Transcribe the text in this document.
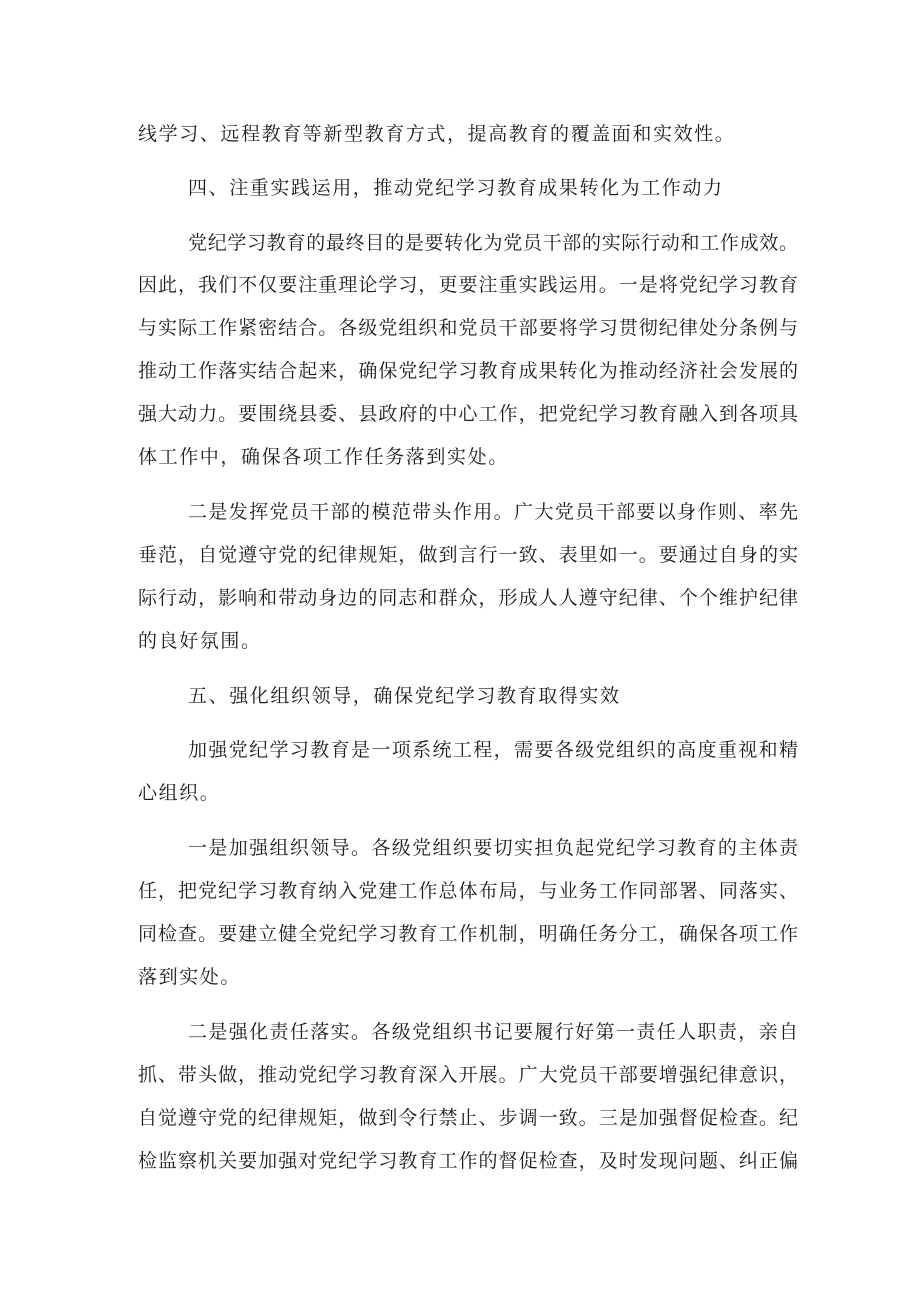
线学习、远程教育等新型教育方式，提高教育的覆盖面和实效性。
四、注重实践运用，推动党纪学习教育成果转化为工作动力
党纪学习教育的最终目的是要转化为党员干部的实际行动和工作成效。
因此，我们不仅要注重理论学习，更要注重实践运用。一是将党纪学习教育
与实际工作紧密结合。各级党组织和党员干部要将学习贯彻纪律处分条例与
推动工作落实结合起来，确保党纪学习教育成果转化为推动经济社会发展的
强大动力。要围绕县委、县政府的中心工作，把党纪学习教育融入到各项具
体工作中，确保各项工作任务落到实处。
二是发挥党员干部的模范带头作用。广大党员干部要以身作则、率先
垂范，自觉遵守党的纪律规矩，做到言行一致、表里如一。要通过自身的实
际行动，影响和带动身边的同志和群众，形成人人遵守纪律、个个维护纪律
的良好氛围。
五、强化组织领导，确保党纪学习教育取得实效
加强党纪学习教育是一项系统工程，需要各级党组织的高度重视和精
心组织。
一是加强组织领导。各级党组织要切实担负起党纪学习教育的主体责
任，把党纪学习教育纳入党建工作总体布局，与业务工作同部署、同落实、
同检查。要建立健全党纪学习教育工作机制，明确任务分工，确保各项工作
落到实处。
二是强化责任落实。各级党组织书记要履行好第一责任人职责，亲自
抓、带头做，推动党纪学习教育深入开展。广大党员干部要增强纪律意识，
自觉遵守党的纪律规矩，做到令行禁止、步调一致。三是加强督促检查。纪
检监察机关要加强对党纪学习教育工作的督促检查，及时发现问题、纠正偏
